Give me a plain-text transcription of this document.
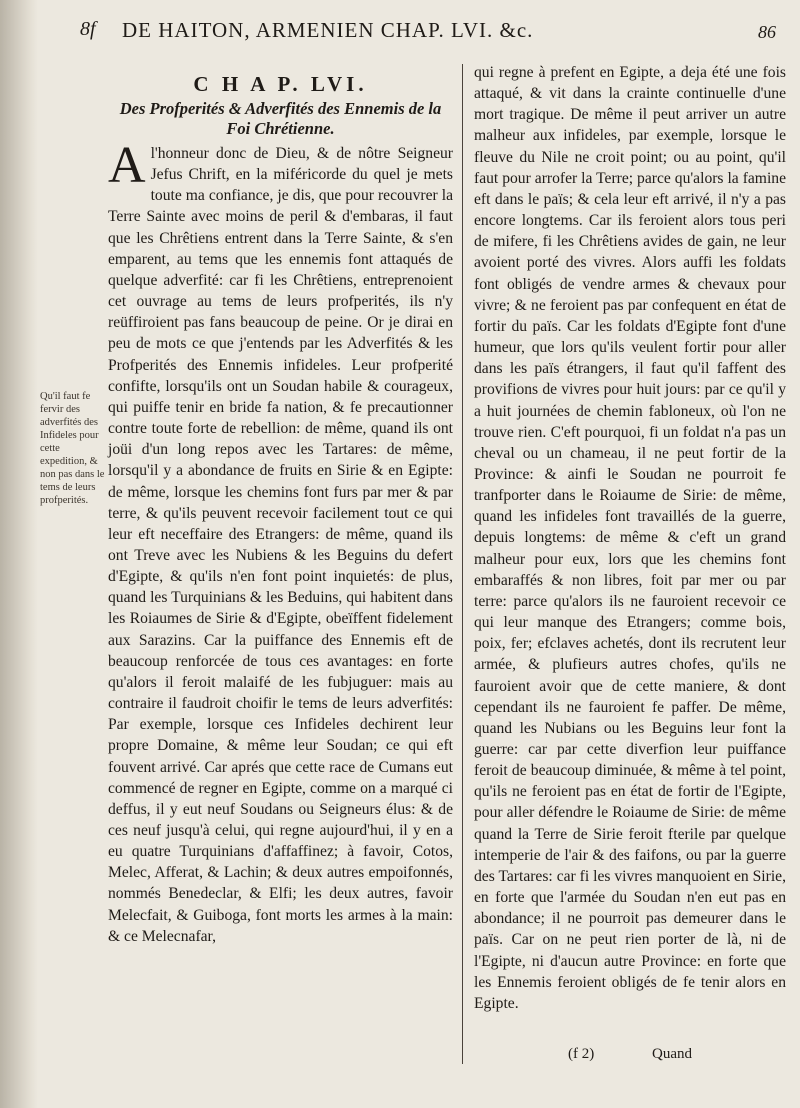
8f DE HAITON, ARMENIEN CHAP. LVI. &c.	86
Qu'il faut fe fervir des adverfités des Infideles pour cette expedition, & non pas dans le tems de leurs profperités.
C H A P. LVI.
Des Profperités & Adverfités des Ennemis de la Foi Chrétienne.

Al'honneur donc de Dieu, & de nôtre Seigneur Jefus Chrift, en la miféricorde du quel je mets toute ma confiance, je dis, que pour recouvrer la Terre Sainte avec moins de peril & d'embaras, il faut que les Chrêtiens entrent dans la Terre Sainte, & s'en emparent, au tems que les ennemis font attaqués de quelque adverfité: car fi les Chrêtiens, entreprenoient cet ouvrage au tems de leurs profperités, ils n'y reüffiroient pas fans beaucoup de peine. Or je dirai en peu de mots ce que j'entends par les Adverfités & les Profperités des Ennemis infideles. Leur profperité confifte, lorsqu'ils ont un Soudan habile & courageux, qui puiffe tenir en bride fa nation, & fe precautionner contre toute forte de rebellion: de même, quand ils ont joüi d'un long repos avec les Tartares: de même, lorsqu'il y a abondance de fruits en Sirie & en Egipte: de même, lorsque les chemins font furs par mer & par terre, & qu'ils peuvent recevoir facilement tout ce qui leur eft neceffaire des Etrangers: de même, quand ils ont Treve avec les Nubiens & les Beguins du defert d'Egipte, & qu'ils n'en font point inquietés: de plus, quand les Turquinians & les Beduins, qui habitent dans les Roiaumes de Sirie & d'Egipte, obeïffent fidelement aux Sarazins. Car la puiffance des Ennemis eft de beaucoup renforcée de tous ces avantages: en forte qu'alors il feroit malaifé de les fubjuguer: mais au contraire il faudroit choifir le tems de leurs adverfités: Par exemple, lorsque ces Infideles dechirent leur propre Domaine, & même leur Soudan; ce qui eft fouvent arrivé. Car aprés que cette race de Cumans eut commencé de regner en Egipte, comme on a marqué ci deffus, il y eut neuf Soudans ou Seigneurs élus: & de ces neuf jusqu'à celui, qui regne aujourd'hui, il y en a eu quatre Turquinians d'affaffinez; à favoir, Cotos, Melec, Afferat, & Lachin; & deux autres empoifonnés, nommés Benedeclar, & Elfi; les deux autres, favoir Melecfait, & Guiboga, font morts les armes à la main: & ce Melecnafar,

qui regne à prefent en Egipte, a deja été une fois attaqué, & vit dans la crainte continuelle d'une mort tragique. De même il peut arriver un autre malheur aux infideles, par exemple, lorsque le fleuve du Nile ne croit point; ou au point, qu'il faut pour arrofer la Terre; parce qu'alors la famine eft dans le païs; & cela leur eft arrivé, il n'y a pas encore longtems. Car ils feroient alors tous peri de mifere, fi les Chrêtiens avides de gain, ne leur avoient porté des vivres. Alors auffi les foldats font obligés de vendre armes & chevaux pour vivre; & ne feroient pas par confequent en état de fortir du païs. Car les foldats d'Egipte font d'une humeur, que lors qu'ils veulent fortir pour aller dans les païs étrangers, il faut qu'il faffent des provifions de vivres pour huit jours: par ce qu'il y a huit journées de chemin fabloneux, où l'on ne trouve rien. C'eft pourquoi, fi un foldat n'a pas un cheval ou un chameau, il ne peut fortir de la Province: & ainfi le Soudan ne pourroit fe tranfporter dans le Roiaume de Sirie: de même, quand les infideles font travaillés de la guerre, depuis longtems: de même & c'eft un grand malheur pour eux, lors que les chemins font embaraffés & non libres, foit par mer ou par terre: parce qu'alors ils ne fauroient recevoir ce qui leur manque des Etrangers; comme bois, poix, fer; efclaves achetés, dont ils recrutent leur armée, & plufieurs autres chofes, qu'ils ne fauroient avoir que de cette maniere, & dont cependant ils ne fauroient fe paffer. De même, quand les Nubians ou les Beguins leur font la guerre: car par cette diverfion leur puiffance feroit de beaucoup diminuée, & même à tel point, qu'ils ne feroient pas en état de fortir de l'Egipte, pour aller défendre le Roiaume de Sirie: de même quand la Terre de Sirie feroit fterile par quelque intemperie de l'air & des faifons, ou par la guerre des Tartares: car fi les vivres manquoient en Sirie, en forte que l'armée du Soudan n'en eut pas en abondance; il ne pourroit pas demeurer dans le païs. Car on ne peut rien porter de là, ni de l'Egipte, ni d'aucun autre Province: en forte que les Ennemis feroient obligés de fe tenir alors en Egipte.

(f 2)	Quand
